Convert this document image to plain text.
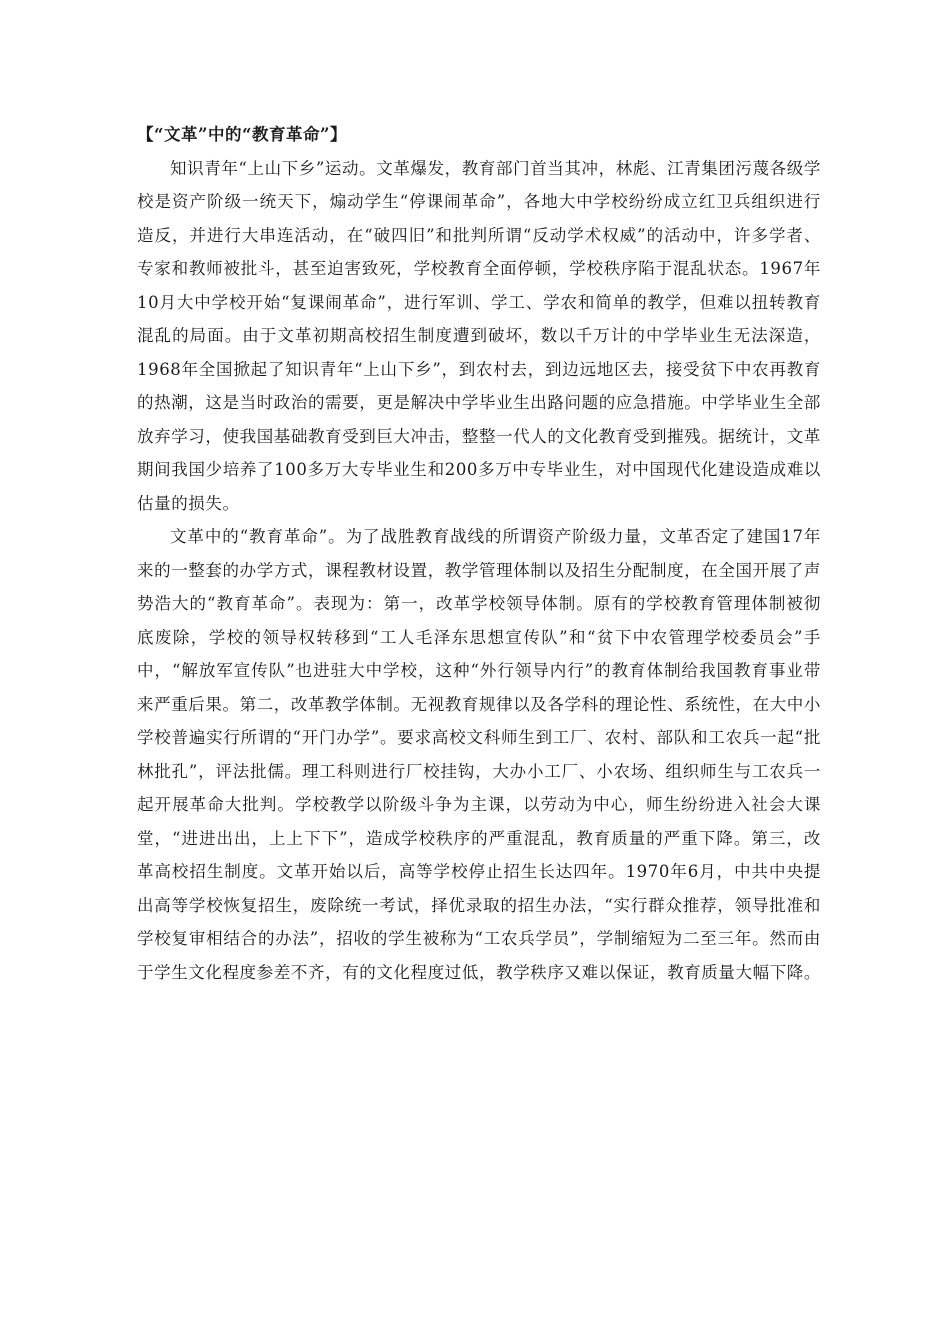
【“文革”中的“教育革命”】

知识青年“上山下乡”运动。文革爆发，教育部门首当其冲，林彪、江青集团污蔑各级学校是资产阶级一统天下，煽动学生“停课闹革命”，各地大中学校纷纷成立红卫兵组织进行造反，并进行大串连活动，在“破四旧”和批判所谓“反动学术权威”的活动中，许多学者、专家和教师被批斗，甚至迫害致死，学校教育全面停顿，学校秩序陷于混乱状态。1967年10月大中学校开始“复课闹革命”，进行军训、学工、学农和简单的教学，但难以扭转教育混乱的局面。由于文革初期高校招生制度遭到破坏，数以千万计的中学毕业生无法深造，1968年全国掀起了知识青年“上山下乡”，到农村去，到边远地区去，接受贫下中农再教育的热潮，这是当时政治的需要，更是解决中学毕业生出路问题的应急措施。中学毕业生全部放弃学习，使我国基础教育受到巨大冲击，整整一代人的文化教育受到摧残。据统计，文革期间我国少培养了100多万大专毕业生和200多万中专毕业生，对中国现代化建设造成难以估量的损失。

文革中的“教育革命”。为了战胜教育战线的所谓资产阶级力量，文革否定了建国17年来的一整套的办学方式，课程教材设置，教学管理体制以及招生分配制度，在全国开展了声势浩大的“教育革命”。表现为：第一，改革学校领导体制。原有的学校教育管理体制被彻底废除，学校的领导权转移到“工人毛泽东思想宣传队”和“贫下中农管理学校委员会”手中，“解放军宣传队”也进驻大中学校，这种“外行领导内行”的教育体制给我国教育事业带来严重后果。第二，改革教学体制。无视教育规律以及各学科的理论性、系统性，在大中小学校普遍实行所谓的“开门办学”。要求高校文科师生到工厂、农村、部队和工农兵一起“批林批孔”，评法批儒。理工科则进行厂校挂钩，大办小工厂、小农场、组织师生与工农兵一起开展革命大批判。学校教学以阶级斗争为主课，以劳动为中心，师生纷纷进入社会大课堂，“进进出出，上上下下”，造成学校秩序的严重混乱，教育质量的严重下降。第三，改革高校招生制度。文革开始以后，高等学校停止招生长达四年。1970年6月，中共中央提出高等学校恢复招生，废除统一考试，择优录取的招生办法，“实行群众推荐，领导批准和学校复审相结合的办法”，招收的学生被称为“工农兵学员”，学制缩短为二至三年。然而由于学生文化程度参差不齐，有的文化程度过低，教学秩序又难以保证，教育质量大幅下降。
